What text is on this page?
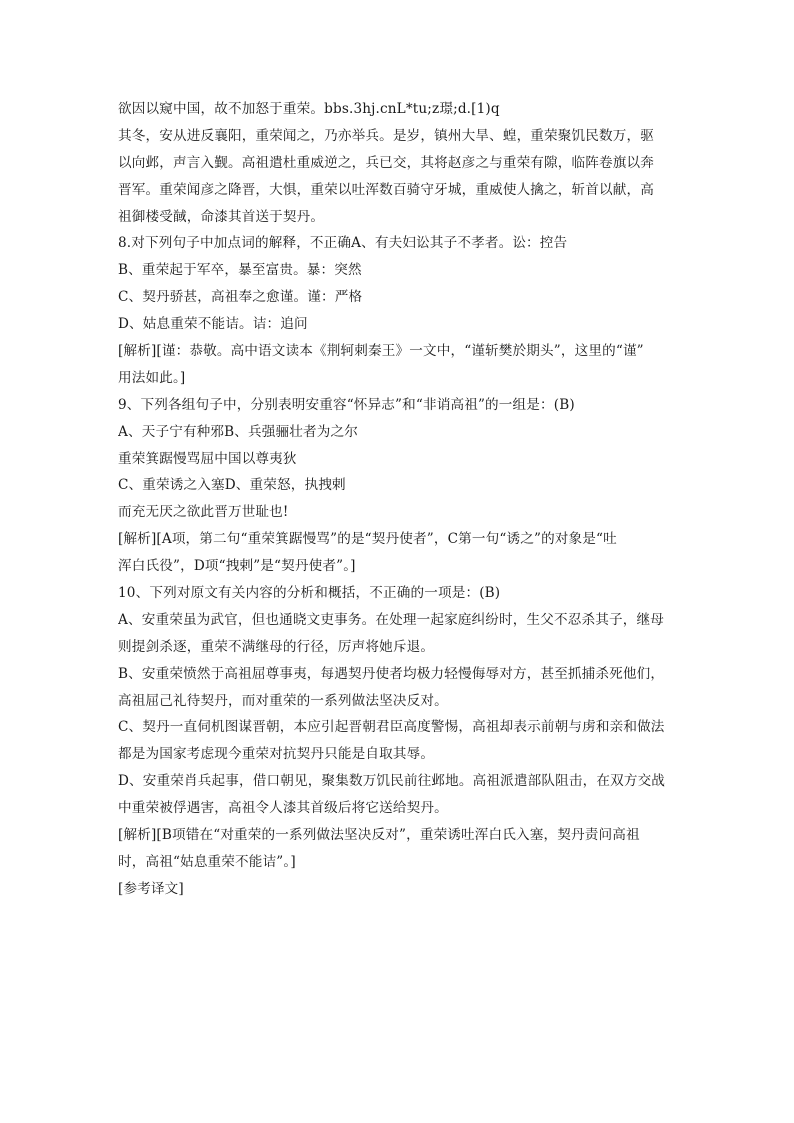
欲因以窥中国，故不加怒于重荣。bbs.3hj.cnL*tu;z璟;d.[1)q
其冬，安从进反襄阳，重荣闻之，乃亦举兵。是岁，镇州大旱、蝗，重荣聚饥民数万，驱
以向邺，声言入觐。高祖遣杜重威逆之，兵已交，其将赵彦之与重荣有隙，临阵卷旗以奔
晋军。重荣闻彦之降晋，大惧，重荣以吐浑数百骑守牙城，重威使人擒之，斩首以献，高
祖御楼受馘，命漆其首送于契丹。
8.对下列句子中加点词的解释，不正确A、有夫妇讼其子不孝者。讼：控告
B、重荣起于军卒，暴至富贵。暴：突然
C、契丹骄甚，高祖奉之愈谨。谨：严格
D、姑息重荣不能诘。诘：追问
[解析][谨：恭敬。高中语文读本《荆轲刺秦王》一文中，“谨斩樊於期头”，这里的“谨”
用法如此。]
9、下列各组句子中，分别表明安重容“怀异志”和“非诮高祖”的一组是：(B)
A、天子宁有种邪B、兵强骊壮者为之尔
重荣箕踞慢骂屈中国以尊夷狄
C、重荣诱之入塞D、重荣怒，执拽剌
而充无厌之欲此晋万世耻也!
[解析][A项，第二句“重荣箕踞慢骂”的是“契丹使者”，C第一句“诱之”的对象是“吐
浑白氏役”，D项“拽剌”是“契丹使者”。]
10、下列对原文有关内容的分析和概括，不正确的一项是：(B)
A、安重荣虽为武官，但也通晓文吏事务。在处理一起家庭纠纷时，生父不忍杀其子，继母
则提剑杀逐，重荣不满继母的行径，厉声将她斥退。
B、安重荣愤然于高祖屈尊事夷，每遇契丹使者均极力轻慢侮辱对方，甚至抓捕杀死他们，
高祖屈己礼待契丹，而对重荣的一系列做法坚决反对。
C、契丹一直伺机图谋晋朝，本应引起晋朝君臣高度警惕，高祖却表示前朝与虏和亲和做法
都是为国家考虑现今重荣对抗契丹只能是自取其辱。
D、安重荣肖兵起事，借口朝见，聚集数万饥民前往邺地。高祖派遣部队阻击，在双方交战
中重荣被俘遇害，高祖令人漆其首级后将它送给契丹。
[解析][B项错在“对重荣的一系列做法坚决反对”，重荣诱吐浑白氏入塞，契丹责问高祖
时，高祖“姑息重荣不能诘”。]
[参考译文]
